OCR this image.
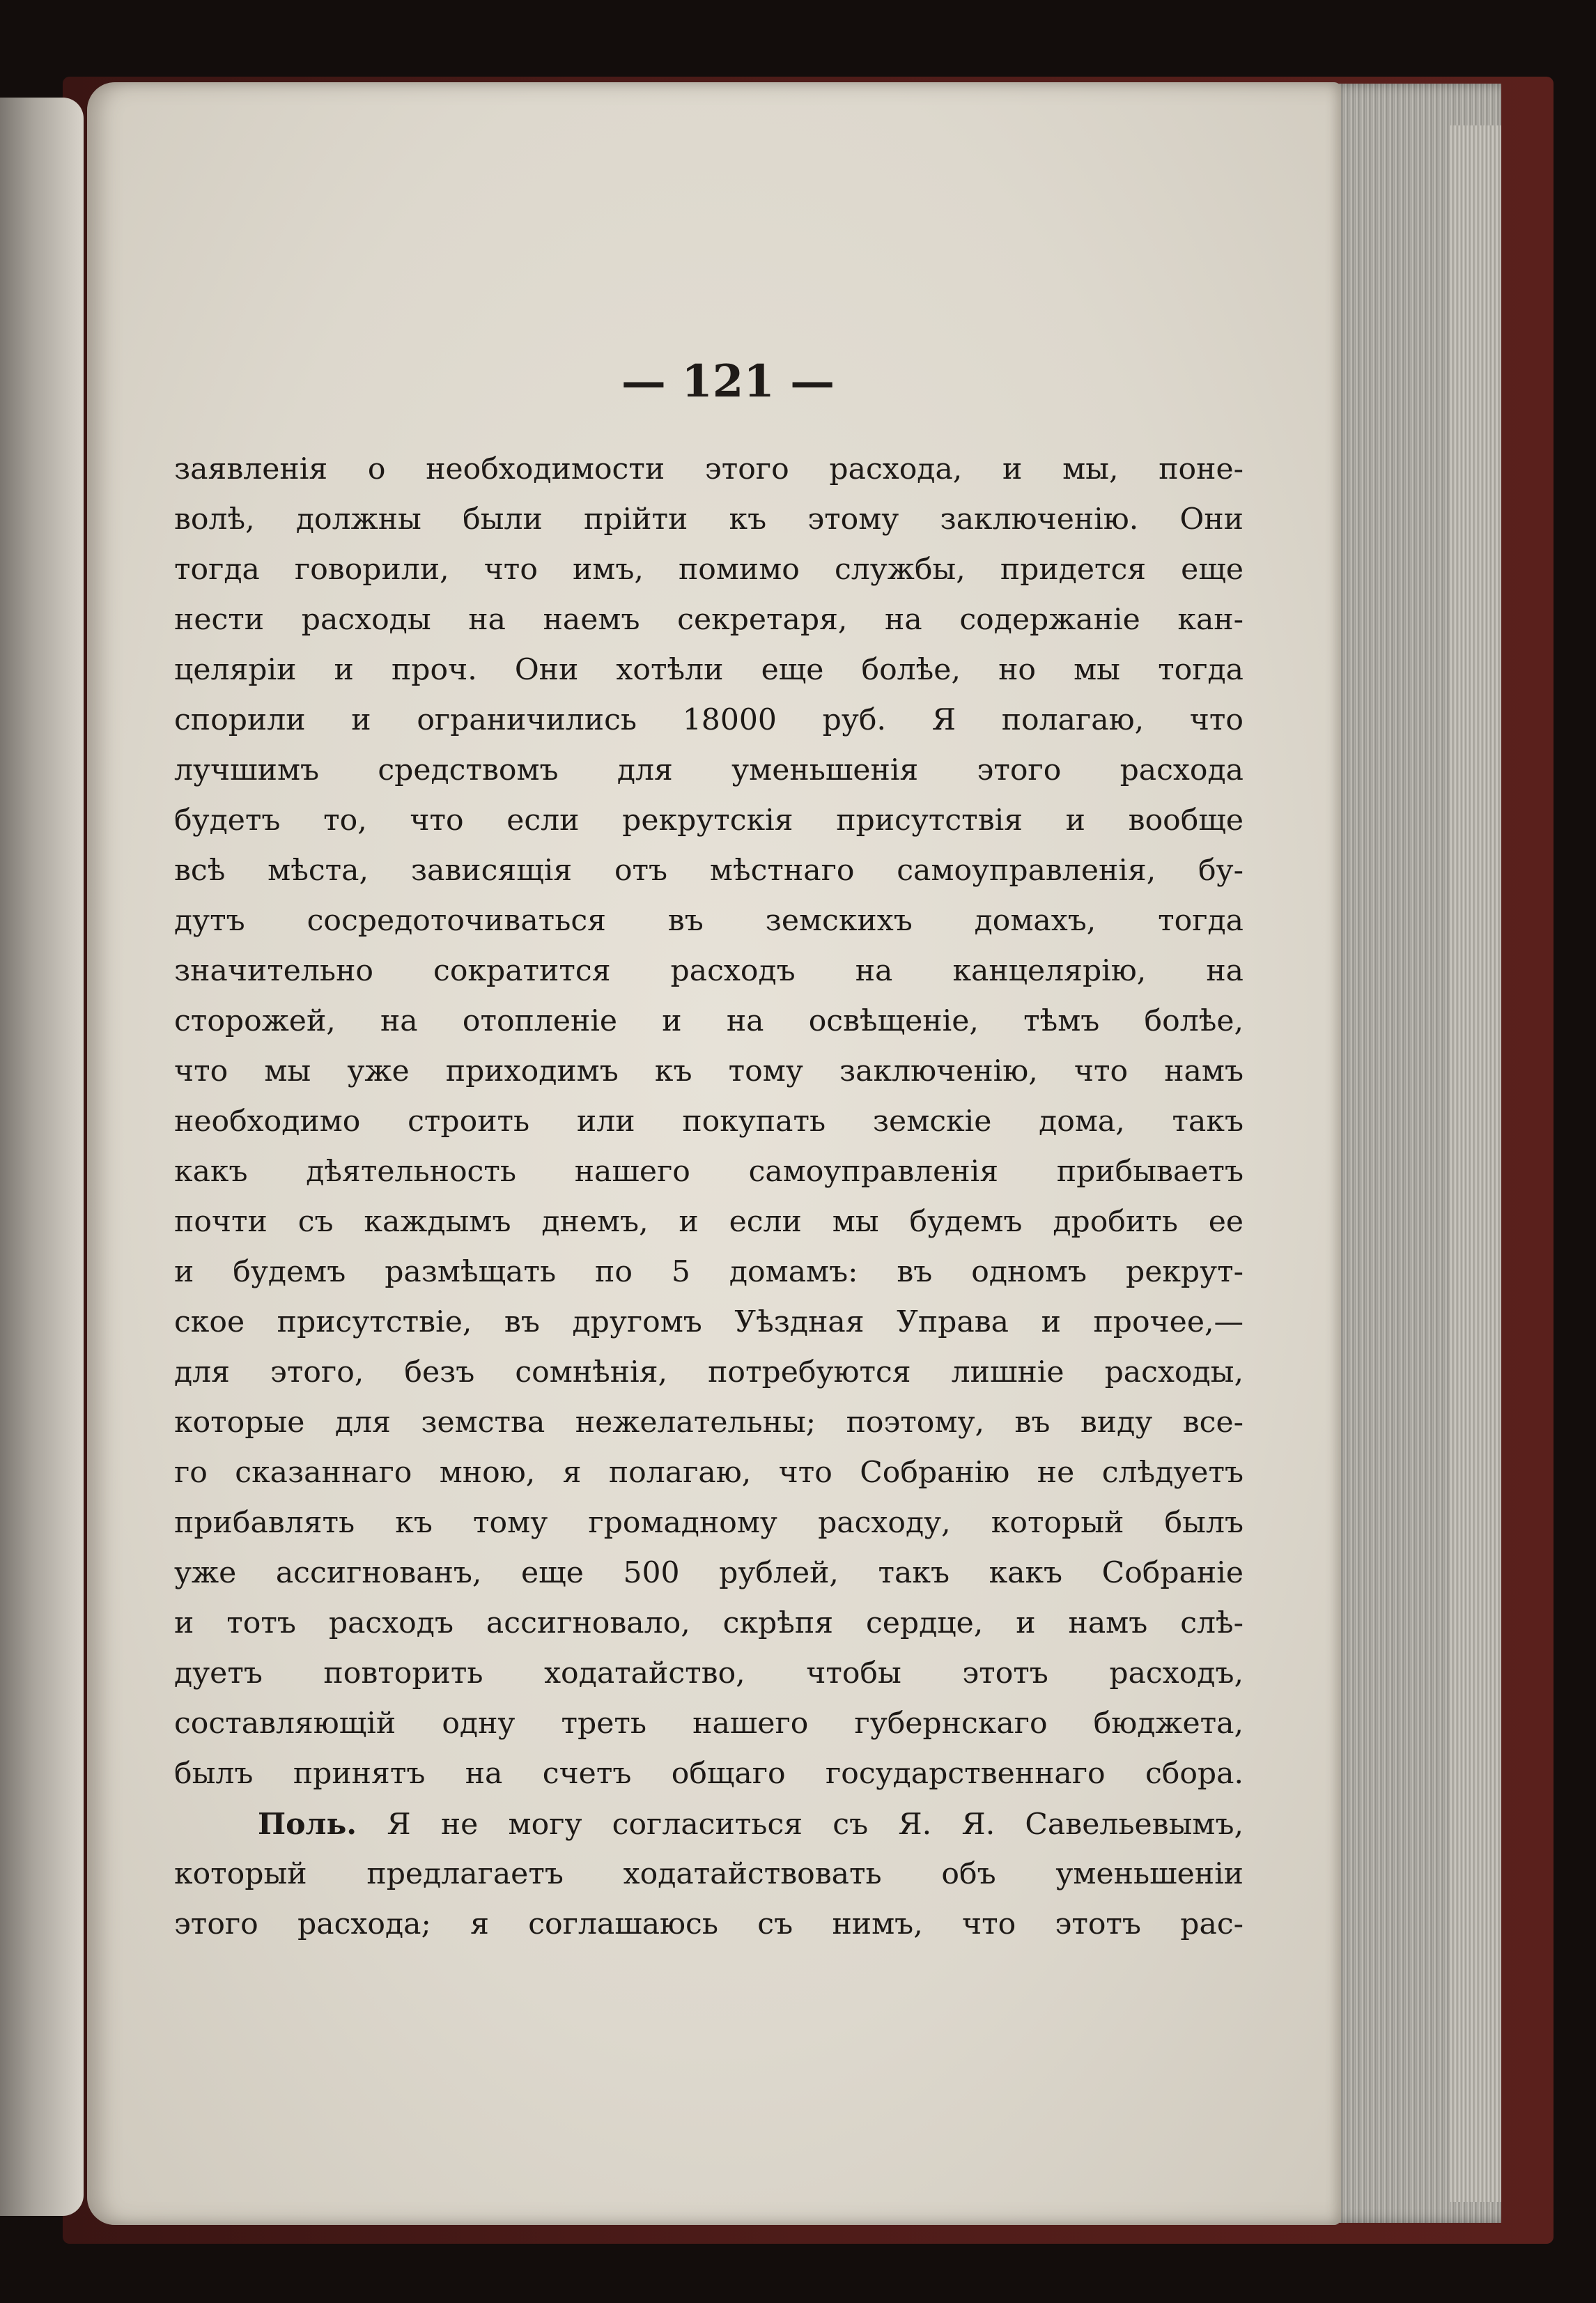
— 121 —
заявленія о необходимости этого расхода, и мы, поне-
волѣ, должны были прійти къ этому заключенію. Они
тогда говорили, что имъ, помимо службы, придется еще
нести расходы на наемъ секретаря, на содержаніе кан-
целяріи и проч. Они хотѣли еще болѣе, но мы тогда
спорили и ограничились 18000 руб. Я полагаю, что
лучшимъ средствомъ для уменьшенія этого расхода
будетъ то, что если рекрутскія присутствія и вообще
всѣ мѣста, зависящія отъ мѣстнаго самоуправленія, бу-
дутъ сосредоточиваться въ земскихъ домахъ, тогда
значительно сократится расходъ на канцелярію, на
сторожей, на отопленіе и на освѣщеніе, тѣмъ болѣе,
что мы уже приходимъ къ тому заключенію, что намъ
необходимо строить или покупать земскіе дома, такъ
какъ дѣятельность нашего самоуправленія прибываетъ
почти съ каждымъ днемъ, и если мы будемъ дробить ее
и будемъ размѣщать по 5 домамъ: въ одномъ рекрут-
ское присутствіе, въ другомъ Уѣздная Управа и прочее,—
для этого, безъ сомнѣнія, потребуются лишніе расходы,
которые для земства нежелательны; поэтому, въ виду все-
го сказаннаго мною, я полагаю, что Собранію не слѣдуетъ
прибавлять къ тому громадному расходу, который былъ
уже ассигнованъ, еще 500 рублей, такъ какъ Собраніе
и тотъ расходъ ассигновало, скрѣпя сердце, и намъ слѣ-
дуетъ повторить ходатайство, чтобы этотъ расходъ,
составляющій одну треть нашего губернскаго бюджета,
былъ принятъ на счетъ общаго государственнаго сбора.
Поль. Я не могу согласиться съ Я. Я. Савельевымъ,
который предлагаетъ ходатайствовать объ уменьшеніи
этого расхода; я соглашаюсь съ нимъ, что этотъ рас-
